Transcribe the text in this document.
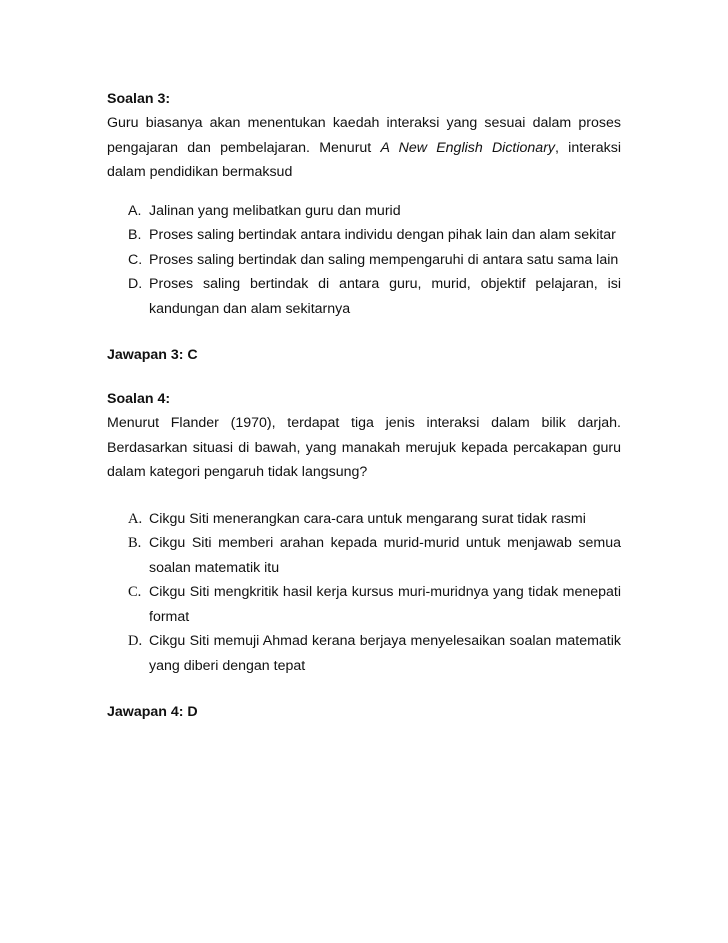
Soalan 3:
Guru biasanya akan menentukan kaedah interaksi yang sesuai dalam proses pengajaran dan pembelajaran. Menurut A New English Dictionary, interaksi dalam pendidikan bermaksud
A. Jalinan yang melibatkan guru dan murid
B. Proses saling bertindak antara individu dengan pihak lain dan alam sekitar
C. Proses saling bertindak dan saling mempengaruhi di antara satu sama lain
D. Proses saling bertindak di antara guru, murid, objektif pelajaran, isi kandungan dan alam sekitarnya
Jawapan 3: C
Soalan 4:
Menurut Flander (1970), terdapat tiga jenis interaksi dalam bilik darjah. Berdasarkan situasi di bawah, yang manakah merujuk kepada percakapan guru dalam kategori pengaruh tidak langsung?
A. Cikgu Siti menerangkan cara-cara untuk mengarang surat tidak rasmi
B. Cikgu Siti memberi arahan kepada murid-murid untuk menjawab semua soalan matematik itu
C. Cikgu Siti mengkritik hasil kerja kursus muri-muridnya yang tidak menepati format
D. Cikgu Siti memuji Ahmad kerana berjaya menyelesaikan soalan matematik yang diberi dengan tepat
Jawapan 4: D
